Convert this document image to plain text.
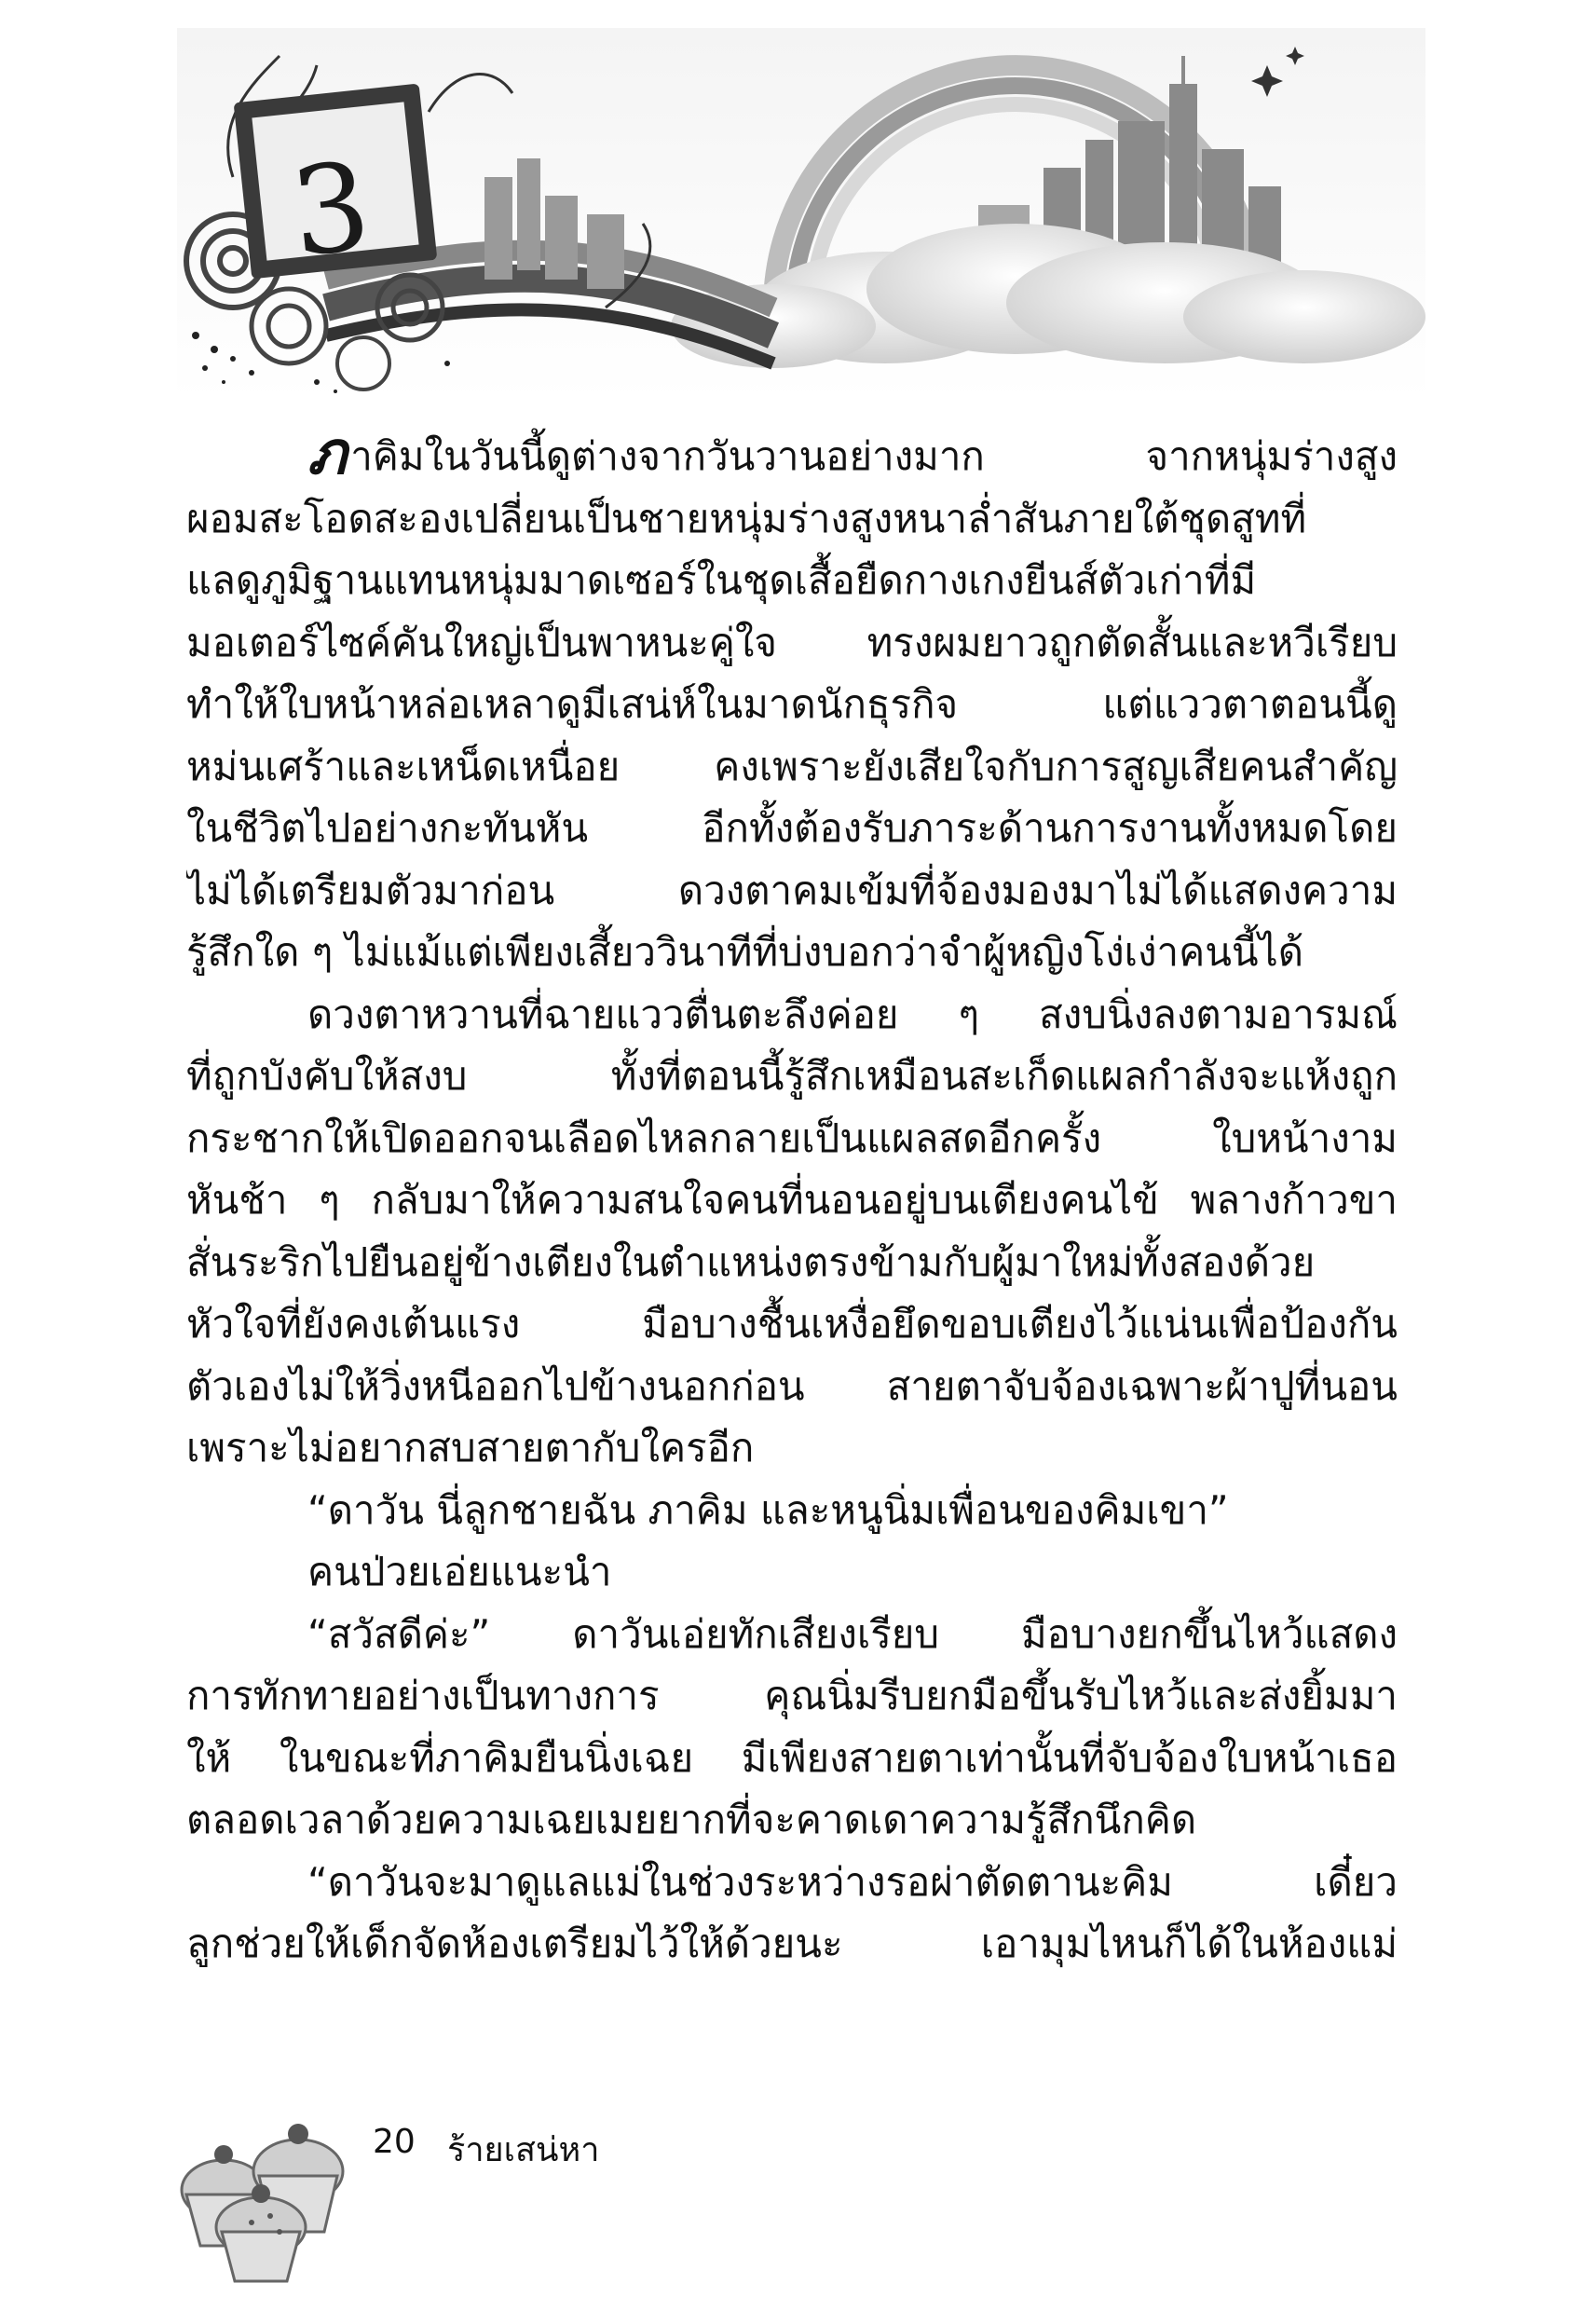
3

ภาคิมในวันนี้ดูต่างจากวันวานอย่างมาก จากหนุ่มร่างสูง
ผอมสะโอดสะองเปลี่ยนเป็นชายหนุ่มร่างสูงหนาล่ำสันภายใต้ชุดสูทที่
แลดูภูมิฐานแทนหนุ่มมาดเซอร์ในชุดเสื้อยืดกางเกงยีนส์ตัวเก่าที่มี
มอเตอร์ไซค์คันใหญ่เป็นพาหนะคู่ใจ ทรงผมยาวถูกตัดสั้นและหวีเรียบ
ทำให้ใบหน้าหล่อเหลาดูมีเสน่ห์ในมาดนักธุรกิจ แต่แววตาตอนนี้ดู
หม่นเศร้าและเหน็ดเหนื่อย คงเพราะยังเสียใจกับการสูญเสียคนสำคัญ
ในชีวิตไปอย่างกะทันหัน อีกทั้งต้องรับภาระด้านการงานทั้งหมดโดย
ไม่ได้เตรียมตัวมาก่อน ดวงตาคมเข้มที่จ้องมองมาไม่ได้แสดงความ
รู้สึกใด ๆ ไม่แม้แต่เพียงเสี้ยววินาทีที่บ่งบอกว่าจำผู้หญิงโง่เง่าคนนี้ได้

ดวงตาหวานที่ฉายแววตื่นตะลึงค่อย ๆ สงบนิ่งลงตามอารมณ์
ที่ถูกบังคับให้สงบ ทั้งที่ตอนนี้รู้สึกเหมือนสะเก็ดแผลกำลังจะแห้งถูก
กระชากให้เปิดออกจนเลือดไหลกลายเป็นแผลสดอีกครั้ง ใบหน้างาม
หันช้า ๆ กลับมาให้ความสนใจคนที่นอนอยู่บนเตียงคนไข้ พลางก้าวขา
สั่นระริกไปยืนอยู่ข้างเตียงในตำแหน่งตรงข้ามกับผู้มาใหม่ทั้งสองด้วย
หัวใจที่ยังคงเต้นแรง มือบางชื้นเหงื่อยึดขอบเตียงไว้แน่นเพื่อป้องกัน
ตัวเองไม่ให้วิ่งหนีออกไปข้างนอกก่อน สายตาจับจ้องเฉพาะผ้าปูที่นอน
เพราะไม่อยากสบสายตากับใครอีก

“ดาวัน นี่ลูกชายฉัน ภาคิม และหนูนิ่มเพื่อนของคิมเขา”
คนป่วยเอ่ยแนะนำ

“สวัสดีค่ะ” ดาวันเอ่ยทักเสียงเรียบ มือบางยกขึ้นไหว้แสดง
การทักทายอย่างเป็นทางการ คุณนิ่มรีบยกมือขึ้นรับไหว้และส่งยิ้มมา
ให้ ในขณะที่ภาคิมยืนนิ่งเฉย มีเพียงสายตาเท่านั้นที่จับจ้องใบหน้าเธอ
ตลอดเวลาด้วยความเฉยเมยยากที่จะคาดเดาความรู้สึกนึกคิด

“ดาวันจะมาดูแลแม่ในช่วงระหว่างรอผ่าตัดตานะคิม เดี๋ยว
ลูกช่วยให้เด็กจัดห้องเตรียมไว้ให้ด้วยนะ เอามุมไหนก็ได้ในห้องแม่

20 ร้ายเสน่หา
